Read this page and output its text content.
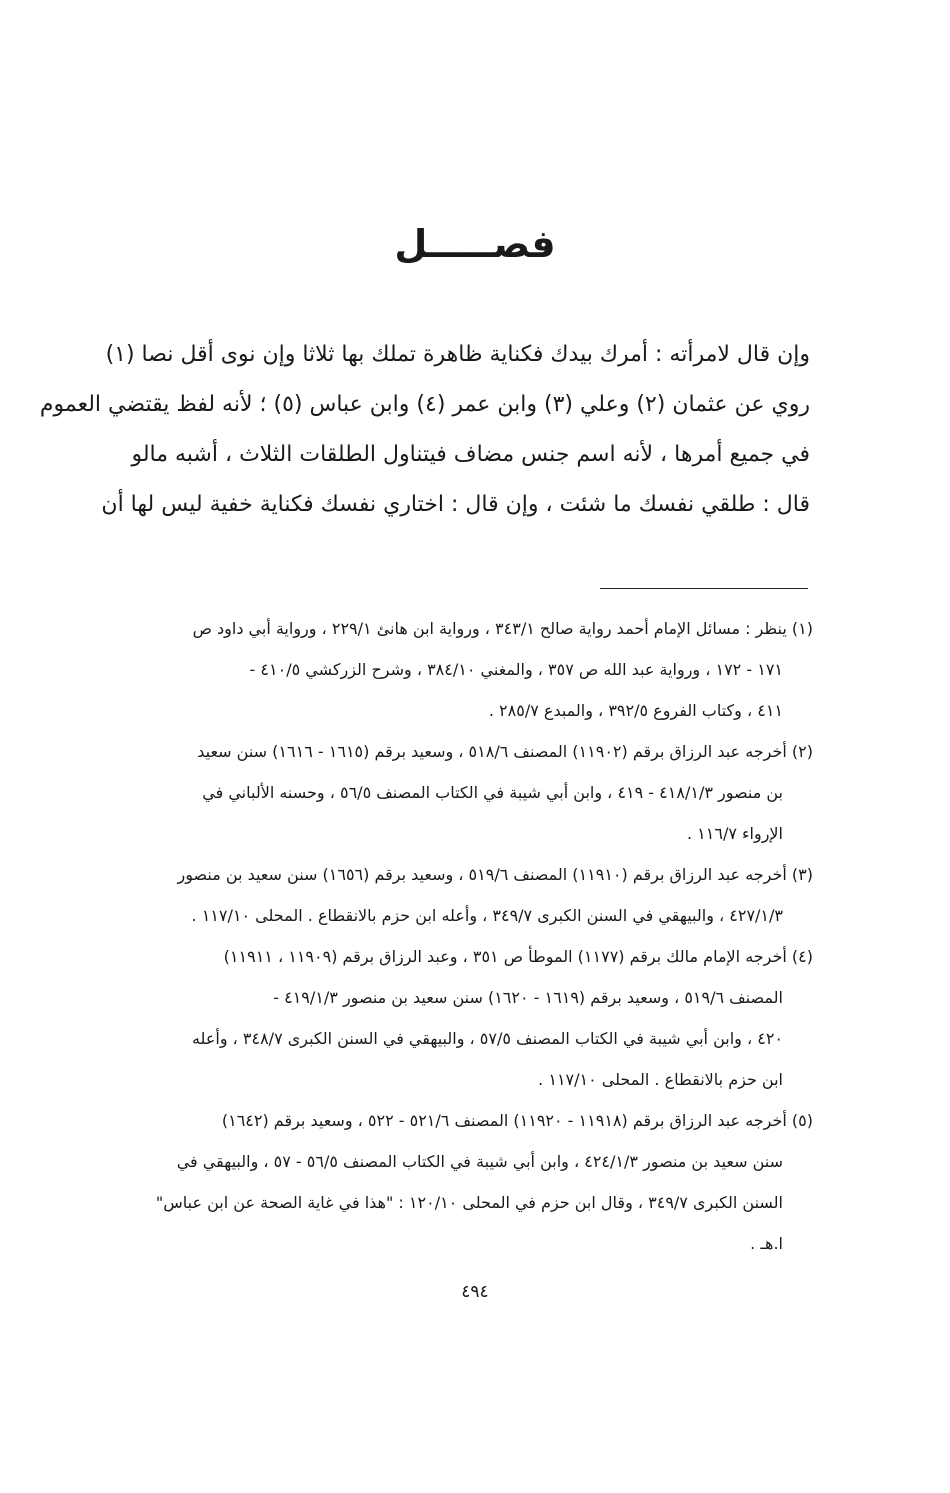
فصـــــل
وإن قال لامرأته : أمرك بيدك فكناية ظاهرة تملك بها ثلاثا وإن نوى أقل نصا (١)
روي عن عثمان (٢) وعلي (٣) وابن عمر (٤) وابن عباس (٥) ؛ لأنه لفظ يقتضي العموم
في جميع أمرها ، لأنه اسم جنس مضاف فيتناول الطلقات الثلاث ، أشبه مالو
قال : طلقي نفسك ما شئت ، وإن قال : اختاري نفسك فكناية خفية ليس لها أن
(١) ينظر : مسائل الإمام أحمد رواية صالح ٣٤٣/١ ، ورواية ابن هانئ ٢٢٩/١ ، ورواية أبي داود ص
١٧١ - ١٧٢ ، ورواية عبد الله ص ٣٥٧ ، والمغني ٣٨٤/١٠ ، وشرح الزركشي ٤١٠/٥ -
٤١١ ، وكتاب الفروع ٣٩٢/٥ ، والمبدع ٢٨٥/٧ .
(٢) أخرجه عبد الرزاق برقم (١١٩٠٢) المصنف ٥١٨/٦ ، وسعيد برقم (١٦١٥ - ١٦١٦) سنن سعيد
بن منصور ٤١٨/١/٣ - ٤١٩ ، وابن أبي شيبة في الكتاب المصنف ٥٦/٥ ، وحسنه الألباني في
الإرواء ١١٦/٧ .
(٣) أخرجه عبد الرزاق برقم (١١٩١٠) المصنف ٥١٩/٦ ، وسعيد برقم (١٦٥٦) سنن سعيد بن منصور
٤٢٧/١/٣ ، والبيهقي في السنن الكبرى ٣٤٩/٧ ، وأعله ابن حزم بالانقطاع . المحلى ١١٧/١٠ .
(٤) أخرجه الإمام مالك برقم (١١٧٧) الموطأ ص ٣٥١ ، وعبد الرزاق برقم (١١٩٠٩ ، ١١٩١١)
المصنف ٥١٩/٦ ، وسعيد برقم (١٦١٩ - ١٦٢٠) سنن سعيد بن منصور ٤١٩/١/٣ -
٤٢٠ ، وابن أبي شيبة في الكتاب المصنف ٥٧/٥ ، والبيهقي في السنن الكبرى ٣٤٨/٧ ، وأعله
ابن حزم بالانقطاع . المحلى ١١٧/١٠ .
(٥) أخرجه عبد الرزاق برقم (١١٩١٨ - ١١٩٢٠) المصنف ٥٢١/٦ - ٥٢٢ ، وسعيد برقم (١٦٤٢)
سنن سعيد بن منصور ٤٢٤/١/٣ ، وابن أبي شيبة في الكتاب المصنف ٥٦/٥ - ٥٧ ، والبيهقي في
السنن الكبرى ٣٤٩/٧ ، وقال ابن حزم في المحلى ١٢٠/١٠ : "هذا في غاية الصحة عن ابن عباس"
ا.هـ .
٤٩٤
